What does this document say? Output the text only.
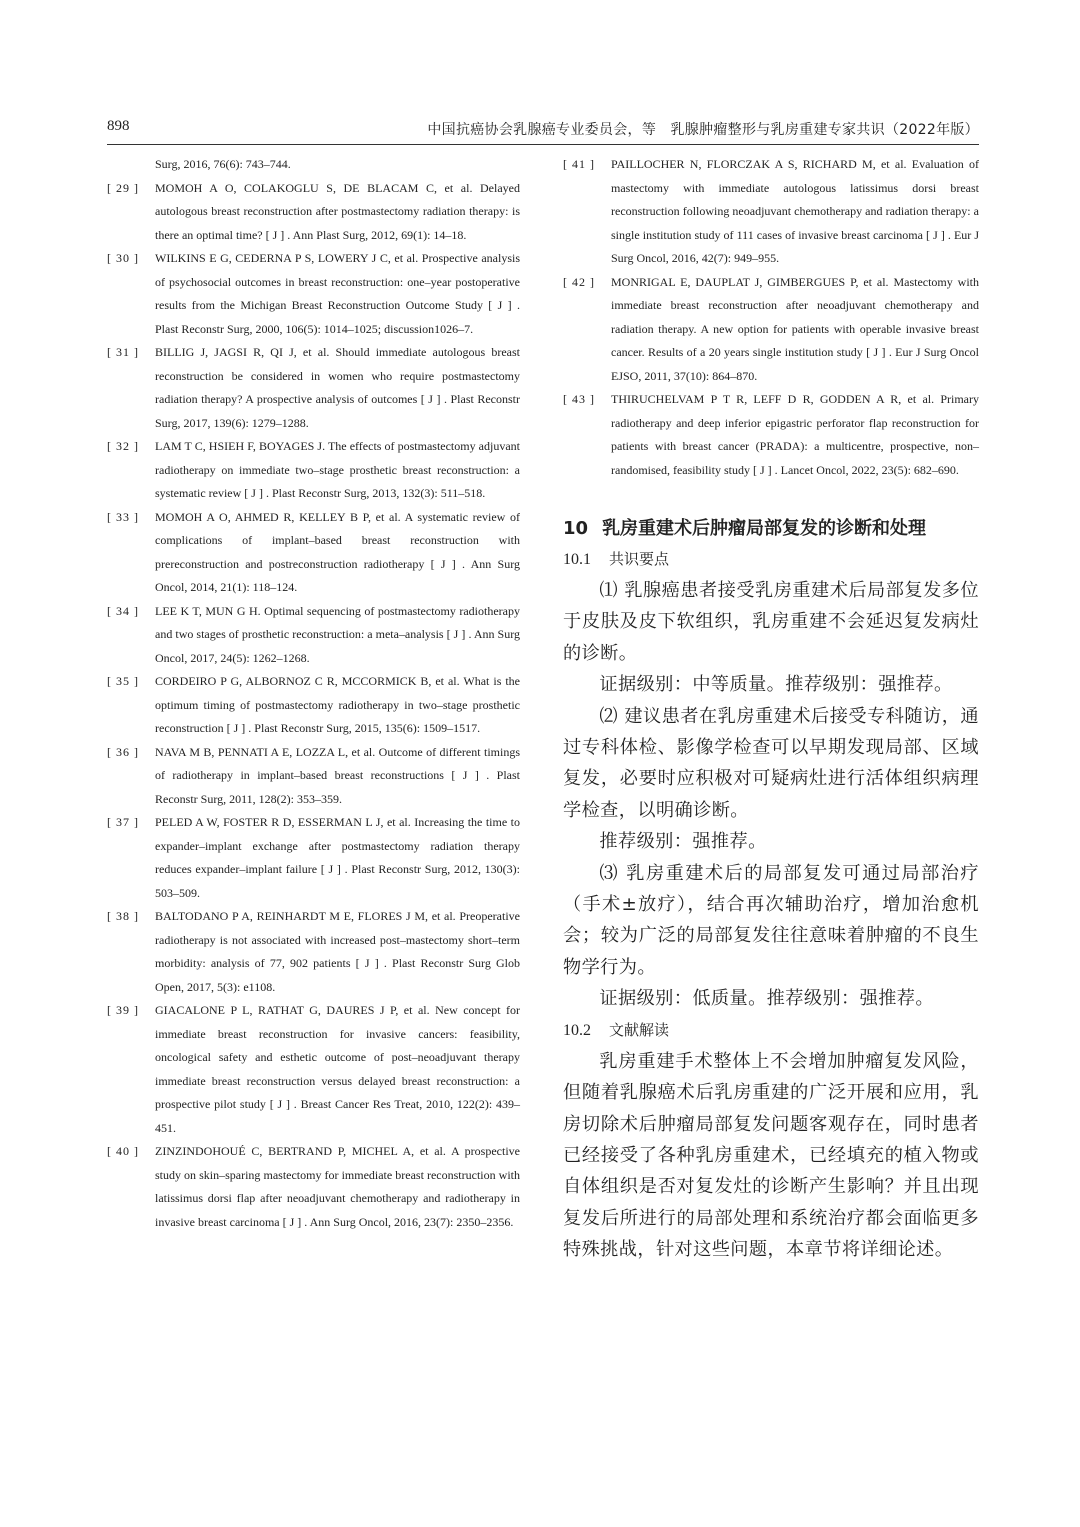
898	中国抗癌协会乳腺癌专业委员会，等　乳腺肿瘤整形与乳房重建专家共识（2022年版）

Surg, 2016, 76(6): 743–744.

[ 29 ] MOMOH A O, COLAKOGLU S, DE BLACAM C, et al. Delayed autologous breast reconstruction after postmastectomy radiation therapy: is there an optimal time? [ J ] . Ann Plast Surg, 2012, 69(1): 14–18.

[ 30 ] WILKINS E G, CEDERNA P S, LOWERY J C, et al. Prospective analysis of psychosocial outcomes in breast reconstruction: one–year postoperative results from the Michigan Breast Reconstruction Outcome Study [ J ] . Plast Reconstr Surg, 2000, 106(5): 1014–1025; discussion1026–7.

[ 31 ] BILLIG J, JAGSI R, QI J, et al. Should immediate autologous breast reconstruction be considered in women who require postmastectomy radiation therapy? A prospective analysis of outcomes [ J ] . Plast Reconstr Surg, 2017, 139(6): 1279–1288.

[ 32 ] LAM T C, HSIEH F, BOYAGES J. The effects of postmastectomy adjuvant radiotherapy on immediate two–stage prosthetic breast reconstruction: a systematic review [ J ] . Plast Reconstr Surg, 2013, 132(3): 511–518.

[ 33 ] MOMOH A O, AHMED R, KELLEY B P, et al. A systematic review of complications of implant–based breast reconstruction with prereconstruction and postreconstruction radiotherapy [ J ] . Ann Surg Oncol, 2014, 21(1): 118–124.

[ 34 ] LEE K T, MUN G H. Optimal sequencing of postmastectomy radiotherapy and two stages of prosthetic reconstruction: a meta–analysis [ J ] . Ann Surg Oncol, 2017, 24(5): 1262–1268.

[ 35 ] CORDEIRO P G, ALBORNOZ C R, MCCORMICK B, et al. What is the optimum timing of postmastectomy radiotherapy in two–stage prosthetic reconstruction [ J ] . Plast Reconstr Surg, 2015, 135(6): 1509–1517.

[ 36 ] NAVA M B, PENNATI A E, LOZZA L, et al. Outcome of different timings of radiotherapy in implant–based breast reconstructions [ J ] . Plast Reconstr Surg, 2011, 128(2): 353–359.

[ 37 ] PELED A W, FOSTER R D, ESSERMAN L J, et al. Increasing the time to expander–implant exchange after postmastectomy radiation therapy reduces expander–implant failure [ J ] . Plast Reconstr Surg, 2012, 130(3): 503–509.

[ 38 ] BALTODANO P A, REINHARDT M E, FLORES J M, et al. Preoperative radiotherapy is not associated with increased post–mastectomy short–term morbidity: analysis of 77, 902 patients [ J ] . Plast Reconstr Surg Glob Open, 2017, 5(3): e1108.

[ 39 ] GIACALONE P L, RATHAT G, DAURES J P, et al. New concept for immediate breast reconstruction for invasive cancers: feasibility, oncological safety and esthetic outcome of post–neoadjuvant therapy immediate breast reconstruction versus delayed breast reconstruction: a prospective pilot study [ J ] . Breast Cancer Res Treat, 2010, 122(2): 439–451.

[ 40 ] ZINZINDOHOUÉ C, BERTRAND P, MICHEL A, et al. A prospective study on skin–sparing mastectomy for immediate breast reconstruction with latissimus dorsi flap after neoadjuvant chemotherapy and radiotherapy in invasive breast carcinoma [ J ] . Ann Surg Oncol, 2016, 23(7): 2350–2356.

[ 41 ] PAILLOCHER N, FLORCZAK A S, RICHARD M, et al. Evaluation of mastectomy with immediate autologous latissimus dorsi breast reconstruction following neoadjuvant chemotherapy and radiation therapy: a single institution study of 111 cases of invasive breast carcinoma [ J ] . Eur J Surg Oncol, 2016, 42(7): 949–955.

[ 42 ] MONRIGAL E, DAUPLAT J, GIMBERGUES P, et al. Mastectomy with immediate breast reconstruction after neoadjuvant chemotherapy and radiation therapy. A new option for patients with operable invasive breast cancer. Results of a 20 years single institution study [ J ] . Eur J Surg Oncol EJSO, 2011, 37(10): 864–870.

[ 43 ] THIRUCHELVAM P T R, LEFF D R, GODDEN A R, et al. Primary radiotherapy and deep inferior epigastric perforator flap reconstruction for patients with breast cancer (PRADA): a multicentre, prospective, non–randomised, feasibility study [ J ] . Lancet Oncol, 2022, 23(5): 682–690.

10 乳房重建术后肿瘤局部复发的诊断和处理
10.1 共识要点

⑴ 乳腺癌患者接受乳房重建术后局部复发多位于皮肤及皮下软组织，乳房重建不会延迟复发病灶的诊断。

证据级别：中等质量。推荐级别：强推荐。

⑵ 建议患者在乳房重建术后接受专科随访，通过专科体检、影像学检查可以早期发现局部、区域复发，必要时应积极对可疑病灶进行活体组织病理学检查，以明确诊断。

推荐级别：强推荐。

⑶ 乳房重建术后的局部复发可通过局部治疗（手术±放疗），结合再次辅助治疗，增加治愈机会；较为广泛的局部复发往往意味着肿瘤的不良生物学行为。

证据级别：低质量。推荐级别：强推荐。

10.2 文献解读

乳房重建手术整体上不会增加肿瘤复发风险，但随着乳腺癌术后乳房重建的广泛开展和应用，乳房切除术后肿瘤局部复发问题客观存在，同时患者已经接受了各种乳房重建术，已经填充的植入物或自体组织是否对复发灶的诊断产生影响？并且出现复发后所进行的局部处理和系统治疗都会面临更多特殊挑战，针对这些问题，本章节将详细论述。
